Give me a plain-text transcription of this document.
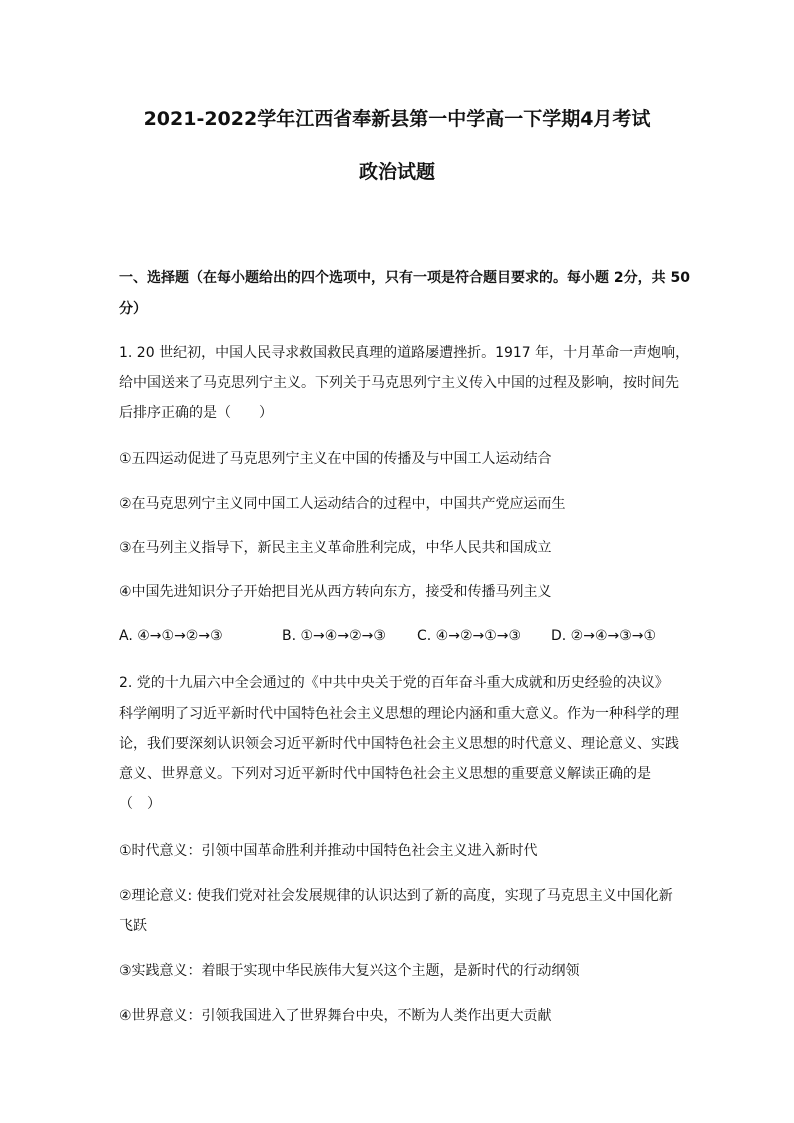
2021-2022学年江西省奉新县第一中学高一下学期4月考试
政治试题
一、选择题（在每小题给出的四个选项中，只有一项是符合题目要求的。每小题 2分，共 50
分）
1. 20 世纪初，中国人民寻求救国救民真理的道路屡遭挫折。1917 年，十月革命一声炮响，
给中国送来了马克思列宁主义。下列关于马克思列宁主义传入中国的过程及影响，按时间先
后排序正确的是（　　）
①五四运动促进了马克思列宁主义在中国的传播及与中国工人运动结合
②在马克思列宁主义同中国工人运动结合的过程中，中国共产党应运而生
③在马列主义指导下，新民主主义革命胜利完成，中华人民共和国成立
④中国先进知识分子开始把目光从西方转向东方，接受和传播马列主义
A. ④→①→②→③	B. ①→④→②→③ C. ④→②→①→③ D. ②→④→③→①
2. 党的十九届六中全会通过的《中共中央关于党的百年奋斗重大成就和历史经验的决议》
科学阐明了习近平新时代中国特色社会主义思想的理论内涵和重大意义。作为一种科学的理
论，我们要深刻认识领会习近平新时代中国特色社会主义思想的时代意义、理论意义、实践
意义、世界意义。下列对习近平新时代中国特色社会主义思想的重要意义解读正确的是
（　）
①时代意义：引领中国革命胜利并推动中国特色社会主义进入新时代
②理论意义: 使我们党对社会发展规律的认识达到了新的高度，实现了马克思主义中国化新
飞跃
③实践意义：着眼于实现中华民族伟大复兴这个主题，是新时代的行动纲领
④世界意义：引领我国进入了世界舞台中央，不断为人类作出更大贡献
